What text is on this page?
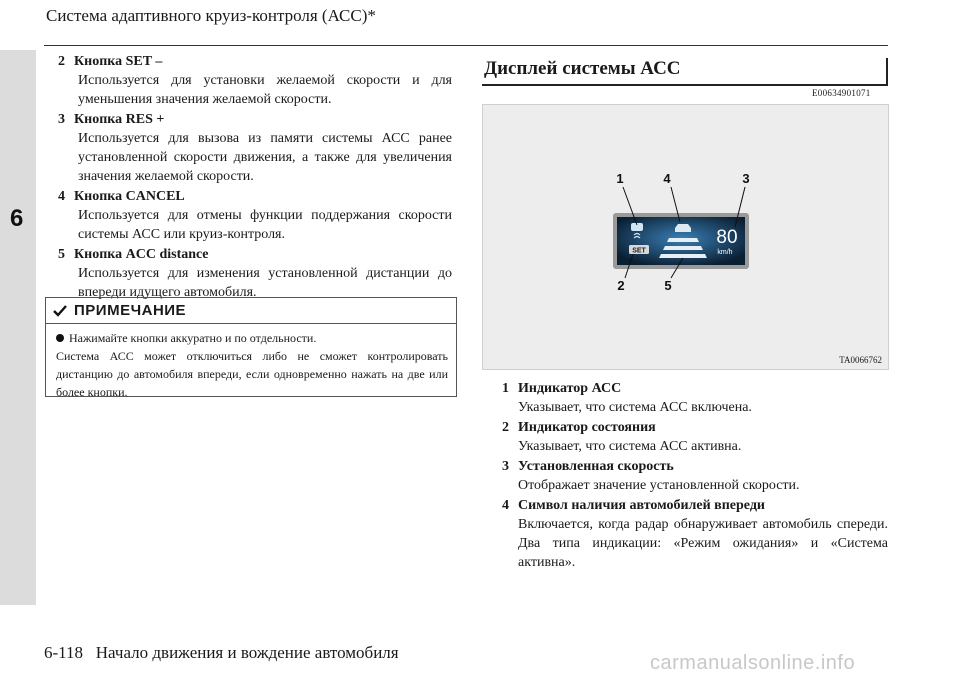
6
Система адаптивного круиз-контроля (АСС)*
2 Кнопка SET –
Используется для установки желаемой скорости и для уменьшения значения желаемой скорости.
3 Кнопка RES +
Используется для вызова из памяти системы АСС ранее установленной скорости движения, а также для увеличения значения желаемой скорости.
4 Кнопка CANCEL
Используется для отмены функции поддержания скорости системы АСС или круиз-контроля.
5 Кнопка ACC distance
Используется для изменения установленной дистанции до впереди идущего автомобиля.
ПРИМЕЧАНИЕ
Нажимайте кнопки аккуратно и по отдельности.
Система АСС может отключиться либо не сможет контролировать дистанцию до автомобиля впереди, если одновременно нажать на две или более кнопки.
Дисплей системы АСС
E00634901071
SET
80
km/h
1	4	3
2	5
TA0066762
1 Индикатор АСС
Указывает, что система АСС включена.
2 Индикатор состояния
Указывает, что система АСС активна.
3 Установленная скорость
Отображает значение установленной скорости.
4 Символ наличия автомобилей впереди
Включается, когда радар обнаруживает автомобиль спереди. Два типа индикации: «Режим ожидания» и «Система активна».
6-118 Начало движения и вождение автомобиля	carmanualsonline.info
